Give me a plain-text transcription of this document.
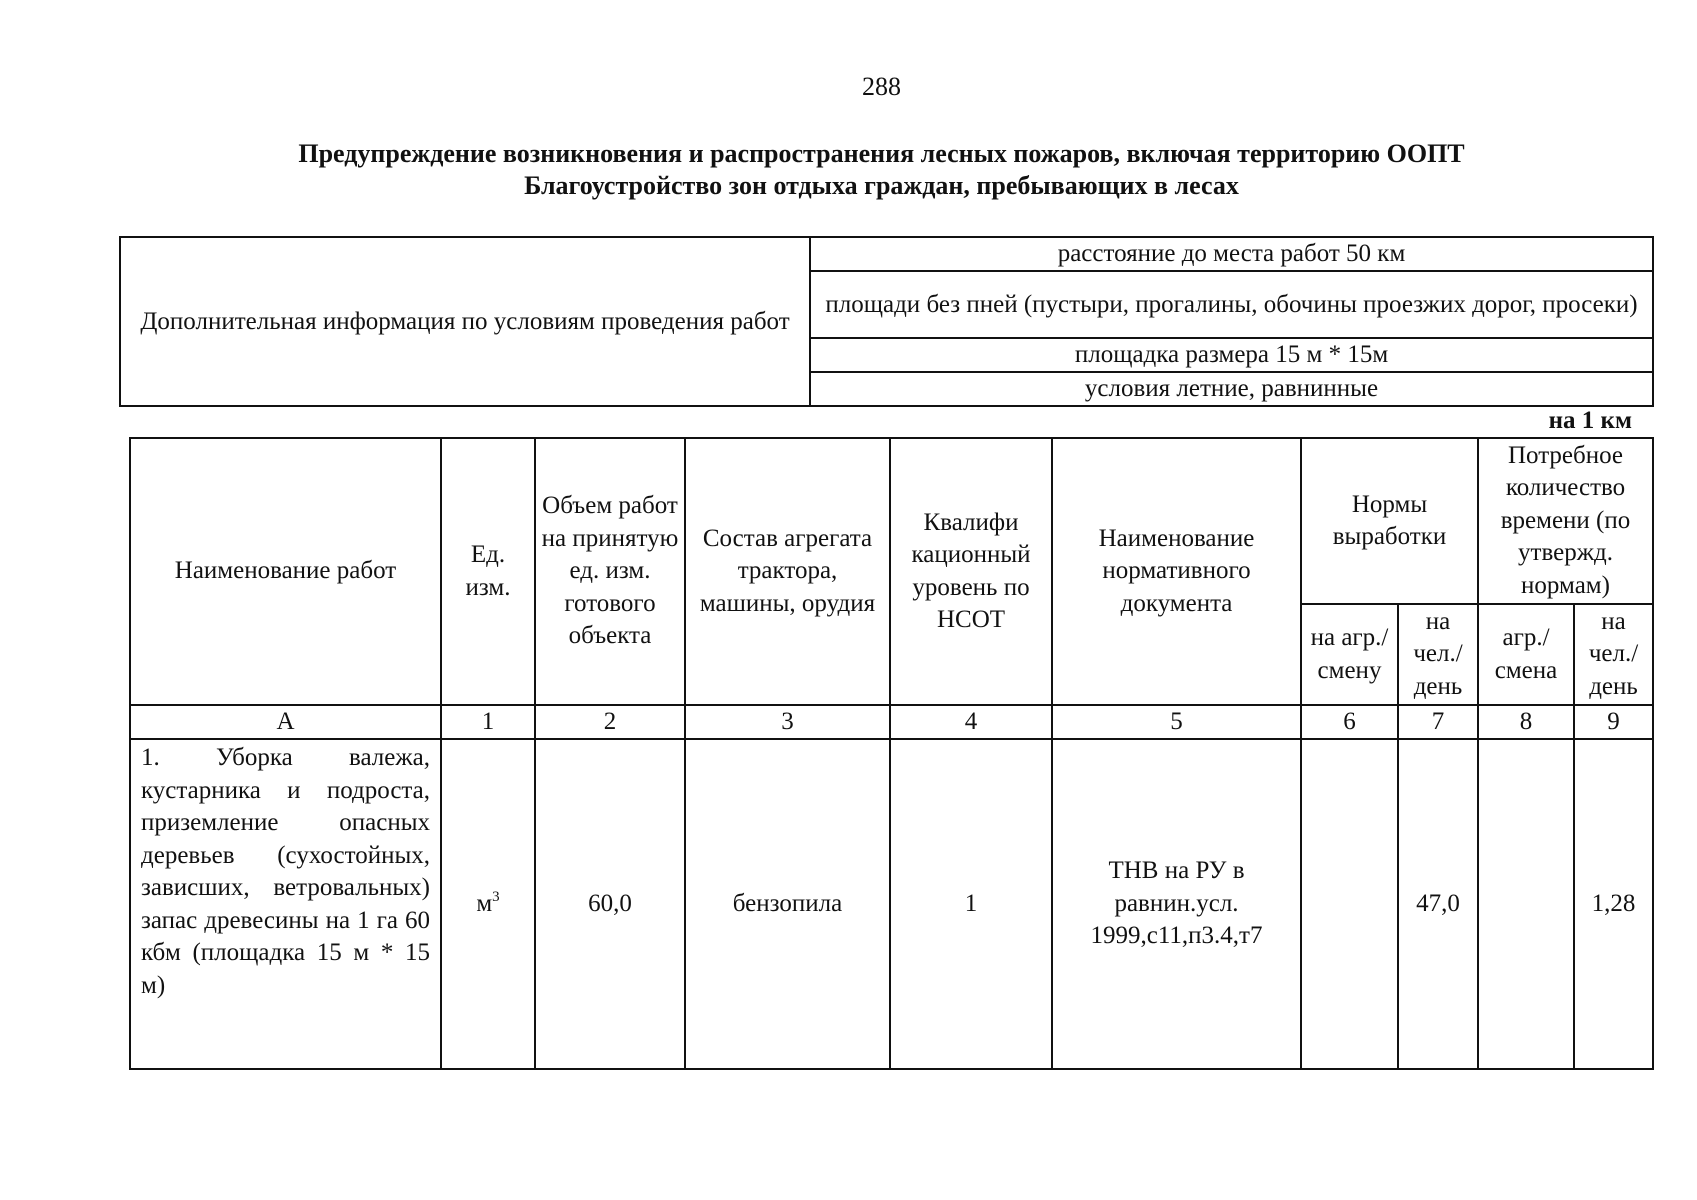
288
Предупреждение возникновения и распространения лесных пожаров, включая территорию ООПТ
Благоустройство зон отдыха граждан, пребывающих в лесах
Дополнительная информация по условиям проведения работ	расстояние до места работ 50 км
площади без пней (пустыри, прогалины, обочины проезжих дорог, просеки)
площадка размера 15 м * 15м
условия летние, равнинные
на 1 км
Наименование работ	Ед. изм.	Объем работ на принятую ед. изм. готового объекта	Состав агрегата трактора, машины, орудия	Квалифи кационный уровень по НСОТ	Наименование нормативного документа	Нормы выработки		Потребное количество времени (по утвержд. нормам)	
						на агр./ смену	на чел./ день	агр./ смена	на чел./ день
А	1	2	3	4	5	6	7	8	9
1. Уборка валежа, кустарника и подроста, приземление опасных деревьев (сухостойных, зависших, ветровальных) запас древесины на 1 га 60 кбм (площадка 15 м * 15 м)	$м^3$	60,0	бензопила	1	ТНВ на РУ в равнин.усл. 1999,с11,п3.4,т7		47,0		1,28
